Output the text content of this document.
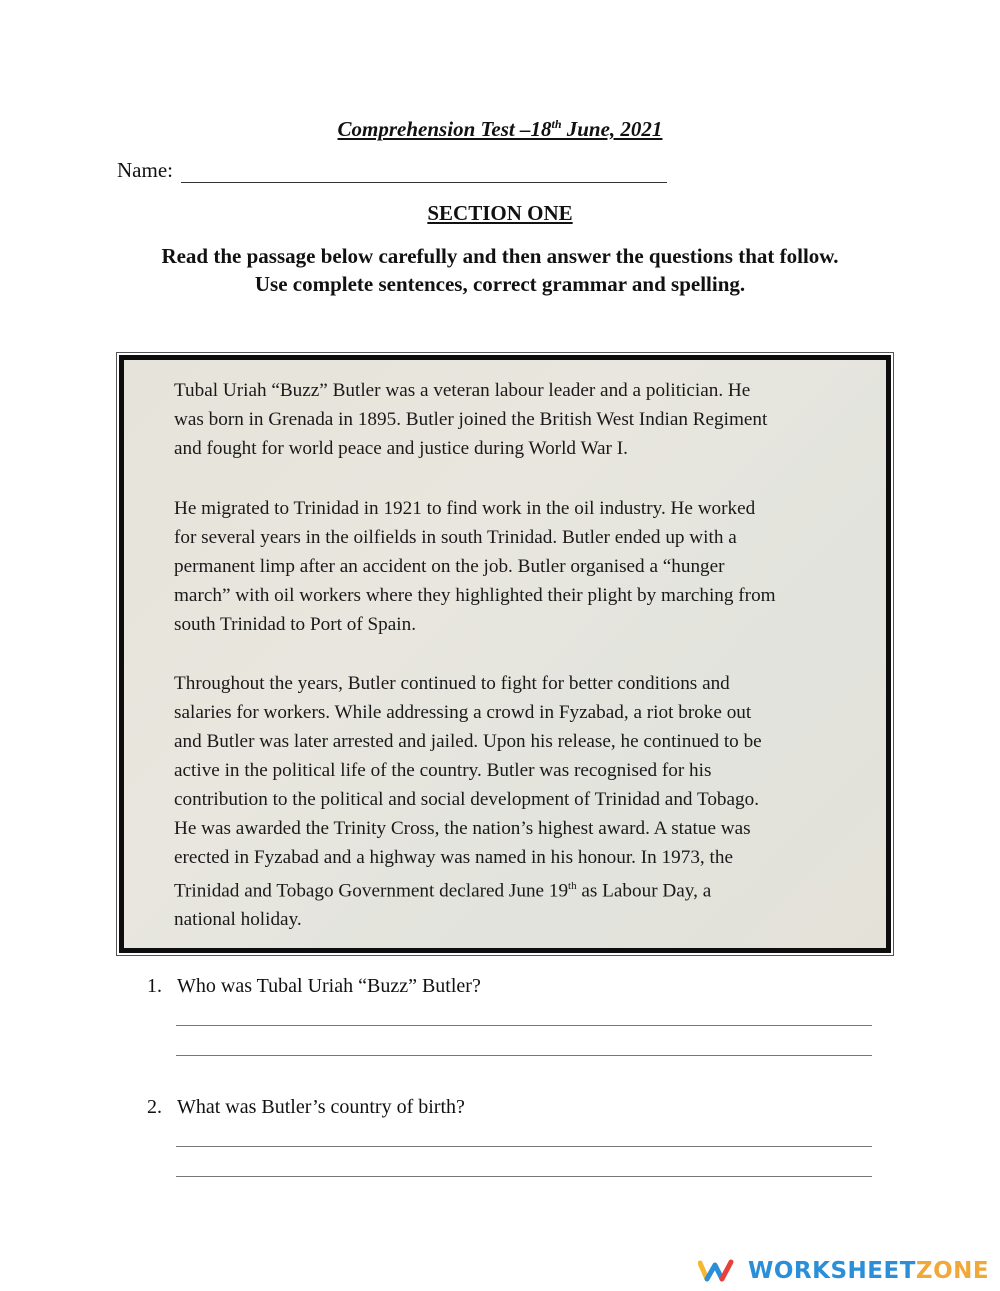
Comprehension Test –18th June, 2021
Name:
SECTION ONE
Read the passage below carefully and then answer the questions that follow.
Use complete sentences, correct grammar and spelling.
Tubal Uriah “Buzz” Butler was a veteran labour leader and a politician. He
was born in Grenada in 1895. Butler joined the British West Indian Regiment
and fought for world peace and justice during World War I.
He migrated to Trinidad in 1921 to find work in the oil industry. He worked
for several years in the oilfields in south Trinidad. Butler ended up with a
permanent limp after an accident on the job. Butler organised a “hunger
march” with oil workers where they highlighted their plight by marching from
south Trinidad to Port of Spain.
Throughout the years, Butler continued to fight for better conditions and
salaries for workers. While addressing a crowd in Fyzabad, a riot broke out
and Butler was later arrested and jailed. Upon his release, he continued to be
active in the political life of the country. Butler was recognised for his
contribution to the political and social development of Trinidad and Tobago.
He was awarded the Trinity Cross, the nation’s highest award. A statue was
erected in Fyzabad and a highway was named in his honour. In 1973, the
Trinidad and Tobago Government declared June 19th as Labour Day, a
national holiday.
1. Who was Tubal Uriah “Buzz” Butler?
2. What was Butler’s country of birth?
WORKSHEET ZONE
